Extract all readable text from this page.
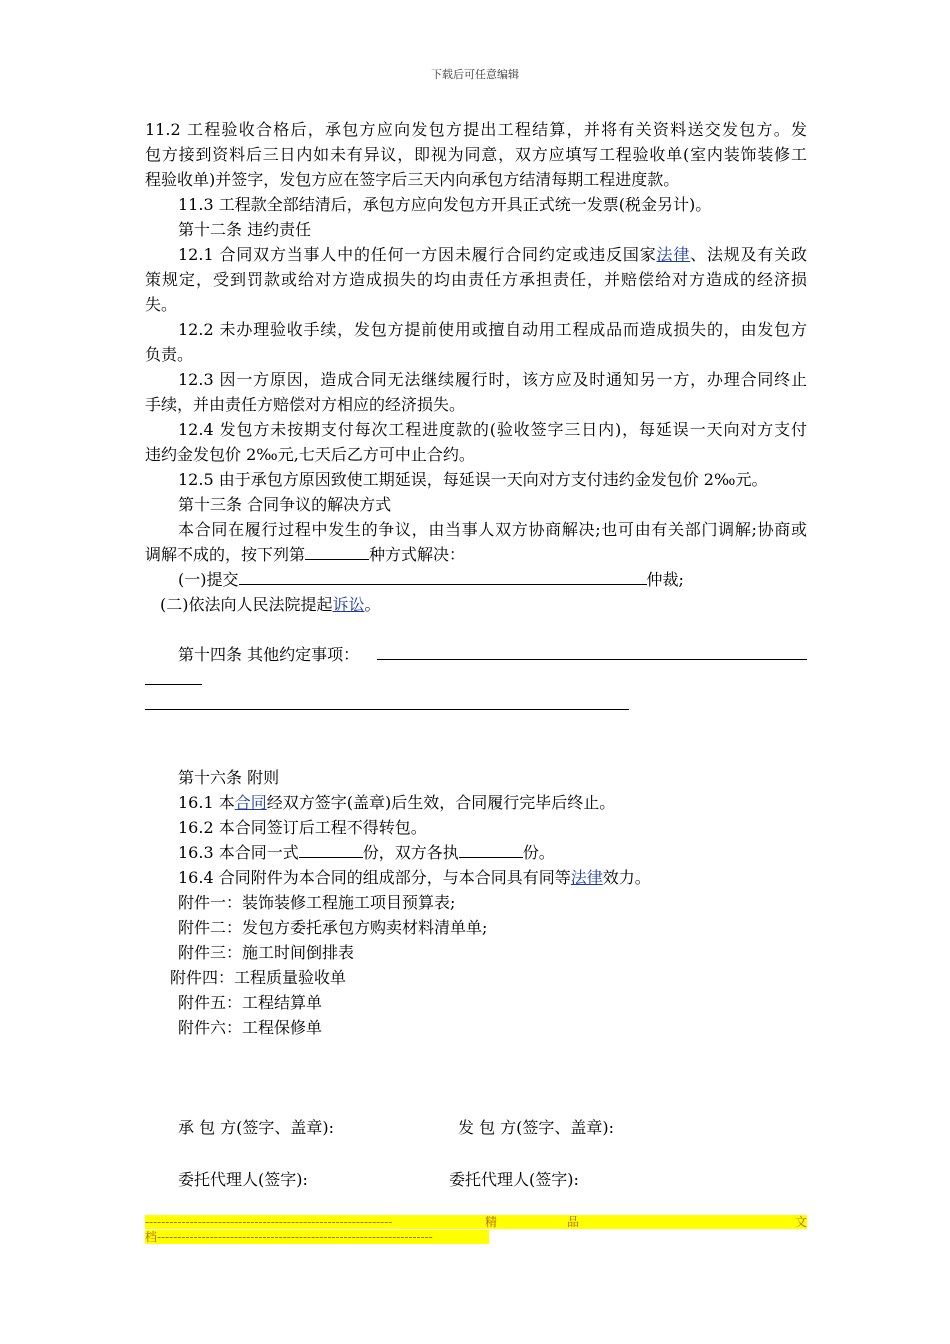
下载后可任意编辑
11.2 工程验收合格后，承包方应向发包方提出工程结算，并将有关资料送交发包方。发
包方接到资料后三日内如未有异议，即视为同意，双方应填写工程验收单(室内装饰装修工
程验收单)并签字，发包方应在签字后三天内向承包方结清每期工程进度款。
11.3 工程款全部结清后，承包方应向发包方开具正式统一发票(税金另计)。
第十二条 违约责任
12.1 合同双方当事人中的任何一方因未履行合同约定或违反国家法律、法规及有关政
策规定，受到罚款或给对方造成损失的均由责任方承担责任，并赔偿给对方造成的经济损
失。
12.2 未办理验收手续，发包方提前使用或擅自动用工程成品而造成损失的，由发包方
负责。
12.3 因一方原因，造成合同无法继续履行时，该方应及时通知另一方，办理合同终止
手续，并由责任方赔偿对方相应的经济损失。
12.4 发包方未按期支付每次工程进度款的(验收签字三日内)，每延误一天向对方支付
违约金发包价 2‰元,七天后乙方可中止合约。
12.5 由于承包方原因致使工期延误，每延误一天向对方支付违约金发包价 2‰元。
第十三条 合同争议的解决方式
本合同在履行过程中发生的争议，由当事人双方协商解决;也可由有关部门调解;协商或
调解不成的，按下列第	种方式解决：
(一)提交	仲裁;
(二)依法向人民法院提起诉讼。
第十四条 其他约定事项：
第十六条 附则
16.1 本合同经双方签字(盖章)后生效，合同履行完毕后终止。
16.2 本合同签订后工程不得转包。
16.3 本合同一式	份，双方各执	份。
16.4 合同附件为本合同的组成部分，与本合同具有同等法律效力。
附件一：装饰装修工程施工项目预算表;
附件二：发包方委托承包方购卖材料清单单;
附件三：施工时间倒排表
附件四：工程质量验收单
附件五：工程结算单
附件六：工程保修单
承 包 方(签字、盖章):	发 包 方(签字、盖章):
委托代理人(签字):	委托代理人(签字):
-------------------------------------------------------------	精	品	文
档--------------------------------------------------------------------
